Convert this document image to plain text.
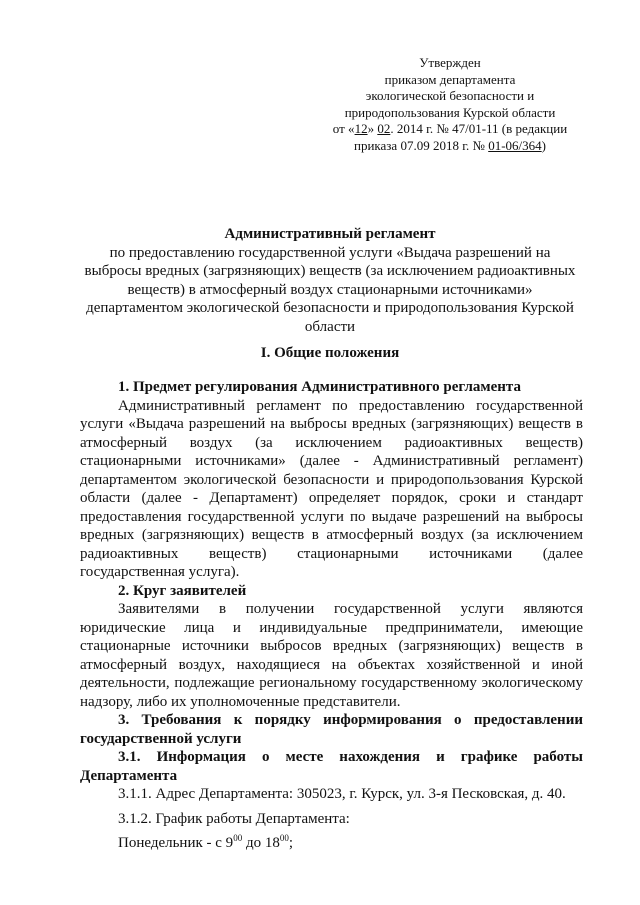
Утвержден
приказом департамента
экологической безопасности и
природопользования Курской области
от «12» 02. 2014 г. № 47/01-11 (в редакции
приказа 07.09 2018 г. № 01-06/364)
Административный регламент
по предоставлению государственной услуги «Выдача разрешений на выбросы вредных (загрязняющих) веществ (за исключением радиоактивных веществ) в атмосферный воздух стационарными источниками» департаментом экологической безопасности и природопользования Курской области
I. Общие положения

1. Предмет регулирования Административного регламента

Административный регламент по предоставлению государственной услуги «Выдача разрешений на выбросы вредных (загрязняющих) веществ в атмосферный воздух (за исключением радиоактивных веществ) стационарными источниками» (далее - Административный регламент) департаментом экологической безопасности и природопользования Курской области (далее - Департамент) определяет порядок, сроки и стандарт предоставления государственной услуги по выдаче разрешений на выбросы вредных (загрязняющих) веществ в атмосферный воздух (за исключением радиоактивных веществ) стационарными источниками (далее государственная услуга).

2. Круг заявителей

Заявителями в получении государственной услуги являются юридические лица и индивидуальные предприниматели, имеющие стационарные источники выбросов вредных (загрязняющих) веществ в атмосферный воздух, находящиеся на объектах хозяйственной и иной деятельности, подлежащие региональному государственному экологическому надзору, либо их уполномоченные представители.

3. Требования к порядку информирования о предоставлении государственной услуги

3.1. Информация о месте нахождения и графике работы Департамента

3.1.1. Адрес Департамента: 305023, г. Курск, ул. 3-я Песковская, д. 40.

3.1.2. График работы Департамента:

Понедельник - с $9^{00}$ до $18^{00}$;
